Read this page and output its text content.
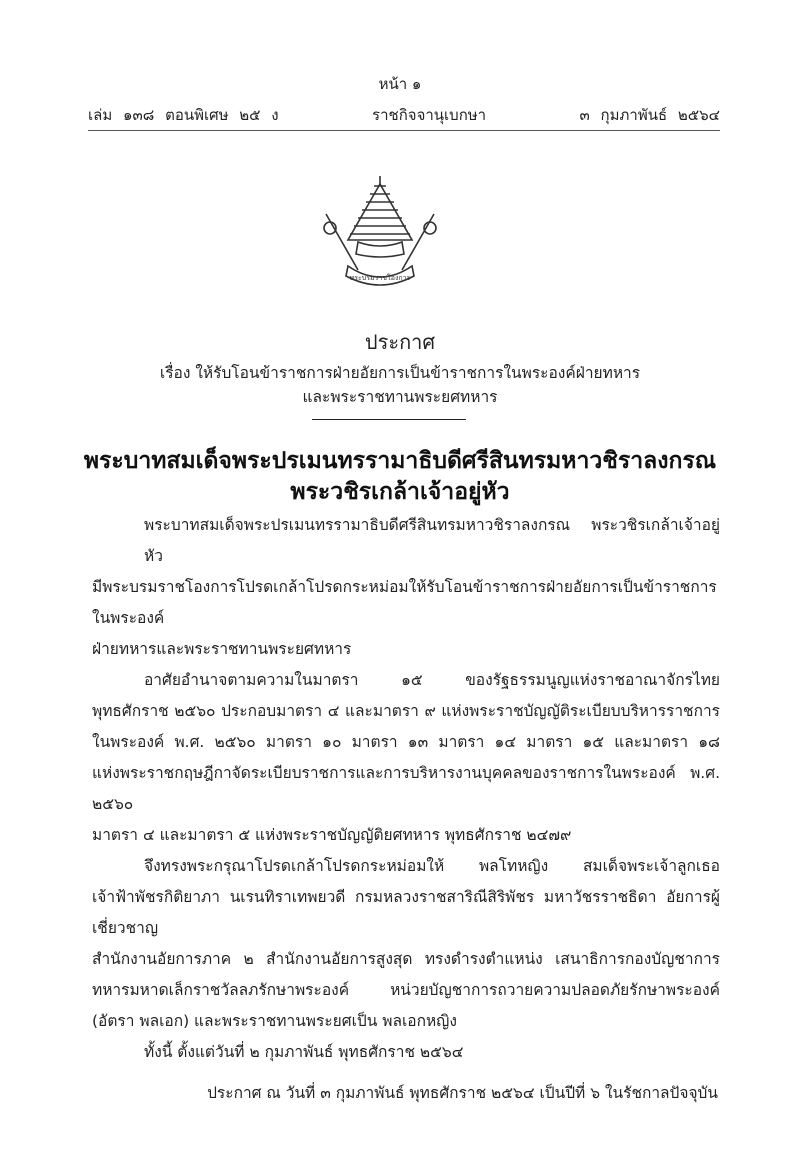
หน้า ๑
เล่ม ๑๓๘ ตอนพิเศษ ๒๕ ง	ราชกิจจานุเบกษา	๓ กุมภาพันธ์ ๒๕๖๔
พระบรมราชโองการ
ประกาศ
เรื่อง ให้รับโอนข้าราชการฝ่ายอัยการเป็นข้าราชการในพระองค์ฝ่ายทหาร
และพระราชทานพระยศทหาร
พระบาทสมเด็จพระปรเมนทรรามาธิบดีศรีสินทรมหาวชิราลงกรณ
พระวชิรเกล้าเจ้าอยู่หัว
พระบาทสมเด็จพระปรเมนทรรามาธิบดีศรีสินทรมหาวชิราลงกรณ พระวชิรเกล้าเจ้าอยู่หัว
มีพระบรมราชโองการโปรดเกล้าโปรดกระหม่อมให้รับโอนข้าราชการฝ่ายอัยการเป็นข้าราชการในพระองค์
ฝ่ายทหารและพระราชทานพระยศทหาร
อาศัยอำนาจตามความในมาตรา ๑๕ ของรัฐธรรมนูญแห่งราชอาณาจักรไทย
พุทธศักราช ๒๕๖๐ ประกอบมาตรา ๔ และมาตรา ๙ แห่งพระราชบัญญัติระเบียบบริหารราชการ
ในพระองค์ พ.ศ. ๒๕๖๐ มาตรา ๑๐ มาตรา ๑๓ มาตรา ๑๔ มาตรา ๑๕ และมาตรา ๑๘
แห่งพระราชกฤษฎีกาจัดระเบียบราชการและการบริหารงานบุคคลของราชการในพระองค์ พ.ศ. ๒๕๖๐
มาตรา ๔ และมาตรา ๕ แห่งพระราชบัญญัติยศทหาร พุทธศักราช ๒๔๗๙
จึงทรงพระกรุณาโปรดเกล้าโปรดกระหม่อมให้ พลโทหญิง สมเด็จพระเจ้าลูกเธอ
เจ้าฟ้าพัชรกิติยาภา นเรนทิราเทพยวดี กรมหลวงราชสาริณีสิริพัชร มหาวัชรราชธิดา อัยการผู้เชี่ยวชาญ
สำนักงานอัยการภาค ๒ สำนักงานอัยการสูงสุด ทรงดำรงตำแหน่ง เสนาธิการกองบัญชาการ
ทหารมหาดเล็กราชวัลลภรักษาพระองค์ หน่วยบัญชาการถวายความปลอดภัยรักษาพระองค์
(อัตรา พลเอก) และพระราชทานพระยศเป็น พลเอกหญิง
ทั้งนี้ ตั้งแต่วันที่ ๒ กุมภาพันธ์ พุทธศักราช ๒๕๖๔
ประกาศ ณ วันที่ ๓ กุมภาพันธ์ พุทธศักราช ๒๕๖๔ เป็นปีที่ ๖ ในรัชกาลปัจจุบัน
